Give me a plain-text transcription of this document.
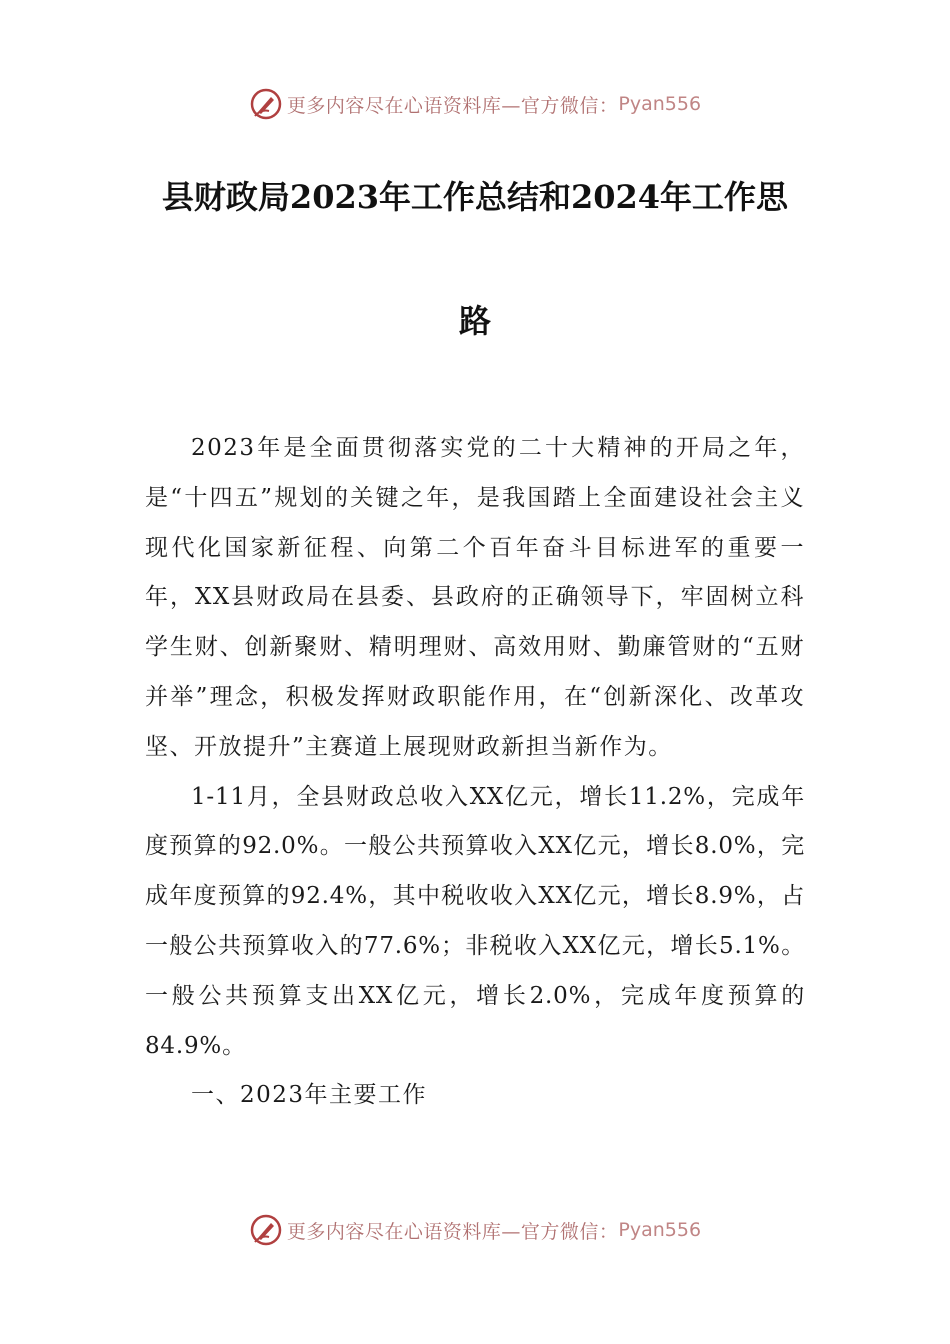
更多内容尽在心语资料库—官方微信： Pyan556
县财政局2023年工作总结和2024年工作思
路

2023年是全面贯彻落实党的二十大精神的开局之年，是“十四五”规划的关键之年，是我国踏上全面建设社会主义现代化国家新征程、向第二个百年奋斗目标进军的重要一年，XX县财政局在县委、县政府的正确领导下，牢固树立科学生财、创新聚财、精明理财、高效用财、勤廉管财的“五财并举”理念，积极发挥财政职能作用，在“创新深化、改革攻坚、开放提升”主赛道上展现财政新担当新作为。

1-11月，全县财政总收入XX亿元，增长11.2%，完成年度预算的92.0%。一般公共预算收入XX亿元，增长8.0%，完成年度预算的92.4%，其中税收收入XX亿元，增长8.9%，占一般公共预算收入的77.6%；非税收入XX亿元，增长5.1%。一般公共预算支出XX亿元，增长2.0%，完成年度预算的84.9%。

一、2023年主要工作

更多内容尽在心语资料库—官方微信： Pyan556
